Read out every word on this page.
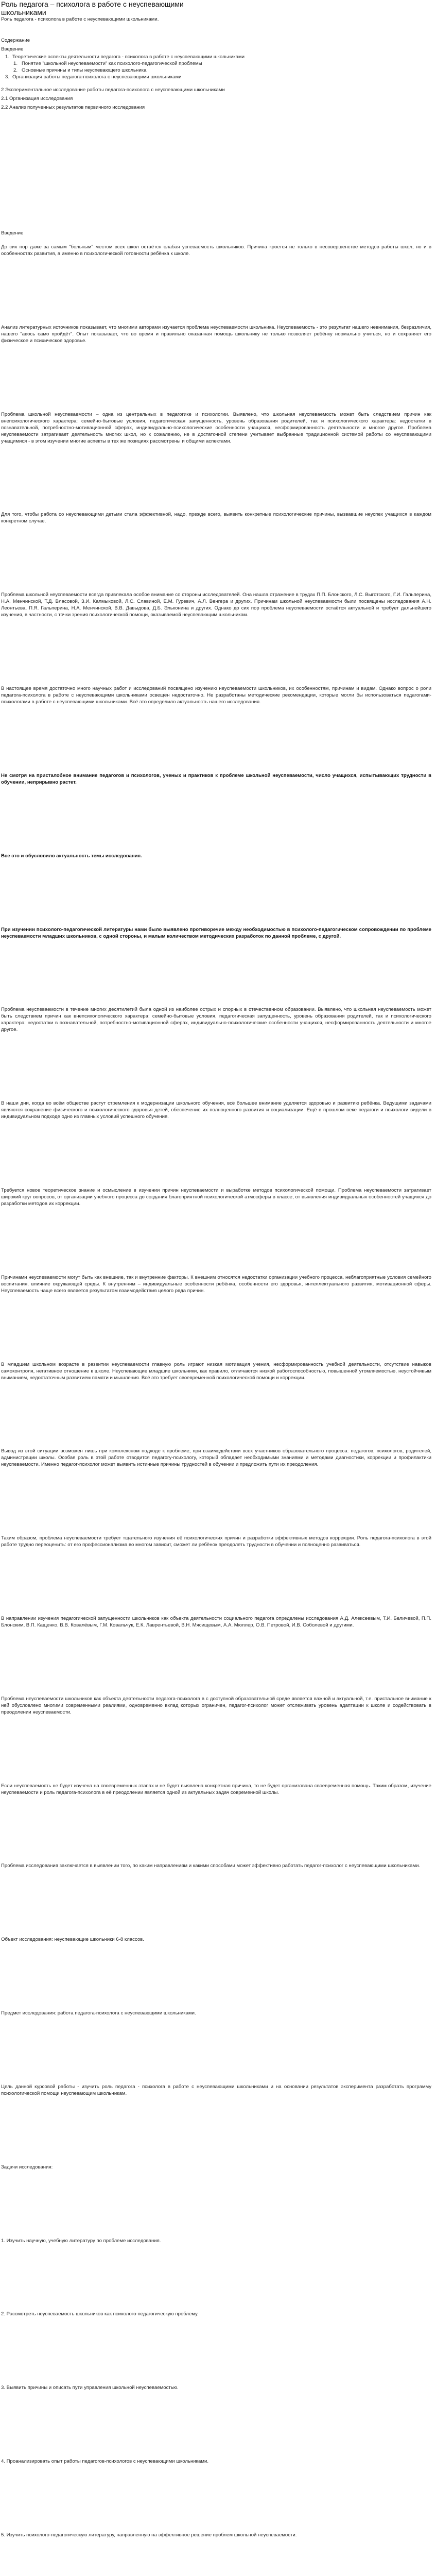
Роль педагога – психолога в работе с неуспевающими школьниками
Роль педагога - психолога в работе с неуспевающими школьниками.
Содержание
Введение
1. Теоретические аспекты деятельности педагога - психолога в работе с неуспевающими школьниками
1. Понятие "школьной неуспеваемости" как психолого-педагогической проблемы
2. Основные причины и типы неуспевающего школьника
3. Организация работы педагога-психолога с неуспевающими школьниками
2 Экспериментальное исследование работы педагога-психолога с неуспевающими школьниками
2.1 Организация исследования
2.2 Анализ полученных результатов первичного исследования
Введение

До сих пор даже за самым "больным" местом всех школ остаётся слабая успеваемость школьников. Причина кроется не только в несовершенстве методов работы школ, но и в особенностях развития, а именно в психологической готовности ребёнка к школе.

Анализ литературных источников показывает, что многими авторами изучается проблема неуспеваемости школьника. Неуспеваемость - это результат нашего невнимания, безразличия, нашего "авось само пройдёт". Опыт показывает, что во время и правильно оказанная помощь школьнику не только позволяет ребёнку нормально учиться, но и сохраняет его физическое и психическое здоровье.

Проблема школьной неуспеваемости – одна из центральных в педагогике и психологии. Выявлено, что школьная неуспеваемость может быть следствием причин как внепсихологического характера: семейно-бытовые условия, педагогическая запущенность, уровень образования родителей, так и психологического характера: недостатки в познавательной, потребностно-мотивационной сферах, индивидуально-психологические особенности учащихся, несформированность деятельности и многое другое. Проблема неуспеваемости затрагивает деятельность многих школ, но к сожалению, не в достаточной степени учитывает выбранные традиционной системой работы со неуспевающими учащимися - в этом изучении многие аспекты в тех же позициях рассмотрены и общими аспектами.

Для того, чтобы работа со неуспевающими детьми стала эффективной, надо, прежде всего, выявить конкретные психологические причины, вызвавшие неуспех учащихся в каждом конкретном случае.

Проблема школьной неуспеваемости всегда привлекала особое внимание со стороны исследователей. Она нашла отражение в трудах П.П. Блонского, Л.С. Выготского, Г.И. Гальперина, Н.А. Менчинской, Т.Д. Власовой, З.И. Калмыковой, Л.С. Славиной, Е.М. Гуревич, А.Л. Венгера и других. Причинам школьной неуспеваемости были посвящены исследования А.Н. Леонтьева, П.Я. Гальперина, Н.А. Менчинской, В.В. Давыдова, Д.Б. Эльконина и других. Однако до сих пор проблема неуспеваемости остаётся актуальной и требует дальнейшего изучения, в частности, с точки зрения психологической помощи, оказываемой неуспевающим школьникам.

В настоящее время достаточно много научных работ и исследований посвящено изучению неуспеваемости школьников, их особенностям, причинам и видам. Однако вопрос о роли педагога-психолога в работе с неуспевающими школьниками освещён недостаточно. Не разработаны методические рекомендации, которые могли бы использоваться педагогами-психологами в работе с неуспевающими школьниками. Всё это определило актуальность нашего исследования.

Не смотря на присталобное внимание педагогов и психологов, ученых и практиков к проблеме школьной неуспеваемости, число учащихся, испытывающих трудности в обучении, неприрывно растет.

Все это и обусловило актуальность темы исследования.

При изучении психолого-педагогической литературы нами было выявлено противоречие между необходимостью в психолого-педагогическом сопровождении по проблеме неуспеваемости младших школьников, с одной стороны, и малым количеством методических разработок по данной проблеме, с другой.

Проблема неуспеваемости в течение многих десятилетий была одной из наиболее острых и спорных в отечественном образовании. Выявлено, что школьная неуспеваемость может быть следствием причин как внепсихологического характера: семейно-бытовые условия, педагогическая запущенность, уровень образования родителей, так и психологического характера: недостатки в познавательной, потребностно-мотивационной сферах, индивидуально-психологические особенности учащихся, несформированность деятельности и многое другое.

В наши дни, когда во всём обществе растут стремления к модернизации школьного обучения, всё большее внимание уделяется здоровью и развитию ребёнка. Ведущими задачами являются сохранение физического и психологического здоровья детей, обеспечение их полноценного развития и социализации. Ещё в прошлом веке педагоги и психологи видели в индивидуальном подходе одно из главных условий успешного обучения.

Требуется новое теоретическое знание и осмысление в изучении причин неуспеваемости и выработке методов психологической помощи. Проблема неуспеваемости затрагивает широкий круг вопросов, от организации учебного процесса до создания благоприятной психологической атмосферы в классе, от выявления индивидуальных особенностей учащихся до разработки методов их коррекции.

Причинами неуспеваемости могут быть как внешние, так и внутренние факторы. К внешним относятся недостатки организации учебного процесса, неблагоприятные условия семейного воспитания, влияние окружающей среды. К внутренним – индивидуальные особенности ребёнка, особенности его здоровья, интеллектуального развития, мотивационной сферы. Неуспеваемость чаще всего является результатом взаимодействия целого ряда причин.

В младшем школьном возрасте в развитии неуспеваемости главную роль играют низкая мотивация учения, несформированность учебной деятельности, отсутствие навыков самоконтроля, негативное отношение к школе. Неуспевающие младшие школьники, как правило, отличаются низкой работоспособностью, повышенной утомляемостью, неустойчивым вниманием, недостаточным развитием памяти и мышления. Всё это требует своевременной психологической помощи и коррекции.

Вывод из этой ситуации возможен лишь при комплексном подходе к проблеме, при взаимодействии всех участников образовательного процесса: педагогов, психологов, родителей, администрации школы. Особая роль в этой работе отводится педагогу-психологу, который обладает необходимыми знаниями и методами диагностики, коррекции и профилактики неуспеваемости. Именно педагог-психолог может выявить истинные причины трудностей в обучении и предложить пути их преодоления.

Таким образом, проблема неуспеваемости требует тщательного изучения её психологических причин и разработки эффективных методов коррекции. Роль педагога-психолога в этой работе трудно переоценить: от его профессионализма во многом зависит, сможет ли ребёнок преодолеть трудности в обучении и полноценно развиваться.

В направлении изучения педагогической запущенности школьников как объекта деятельности социального педагога определены исследования А.Д. Алексеевым, Т.И. Беличевой, П.П. Блонским, В.П. Кащенко, В.В. Ковалёвым, Г.М. Ковальчук, Е.К. Лаврентьевой, В.Н. Мясищевым, А.А. Мюллер, О.В. Петровой, И.В. Соболевой и другими.

Проблема неуспеваемости школьников как объекта деятельности педагога-психолога в с доступной образовательной среде является важной и актуальной, т.е. пристальное внимание к ней обусловлено многими современными реалиями, одновременно вклад которых ограничен, педагог-психолог может отслеживать уровень адаптации к школе и содействовать в преодолении неуспеваемости.

Если неуспеваемость не будет изучена на своевременных этапах и не будет выявлена конкретная причина, то не будет организована своевременная помощь. Таким образом, изучение неуспеваемости и роль педагога-психолога в её преодолении является одной из актуальных задач современной школы.

Проблема исследования заключается в выявлении того, по каким направлениям и какими способами может эффективно работать педагог-психолог с неуспевающими школьниками.

Объект исследования: неуспевающие школьники 6-8 классов.

Предмет исследования: работа педагога-психолога с неуспевающими школьниками.

Цель данной курсовой работы - изучить роль педагога - психолога в работе с неуспевающими школьниками и на основании результатов эксперимента разработать программу психологической помощи неуспевающим школьникам.

Задачи исследования:

1. Изучить научную, учебную литературу по проблеме исследования.

2. Рассмотреть неуспеваемость школьников как психолого-педагогическую проблему.

3. Выявить причины и описать пути управления школьной неуспеваемостью.

4. Проанализировать опыт работы педагогов-психологов с неуспевающими школьниками.

5. Изучить психолого-педагогическую литературу, направленную на эффективное решение проблем школьной неуспеваемости.
